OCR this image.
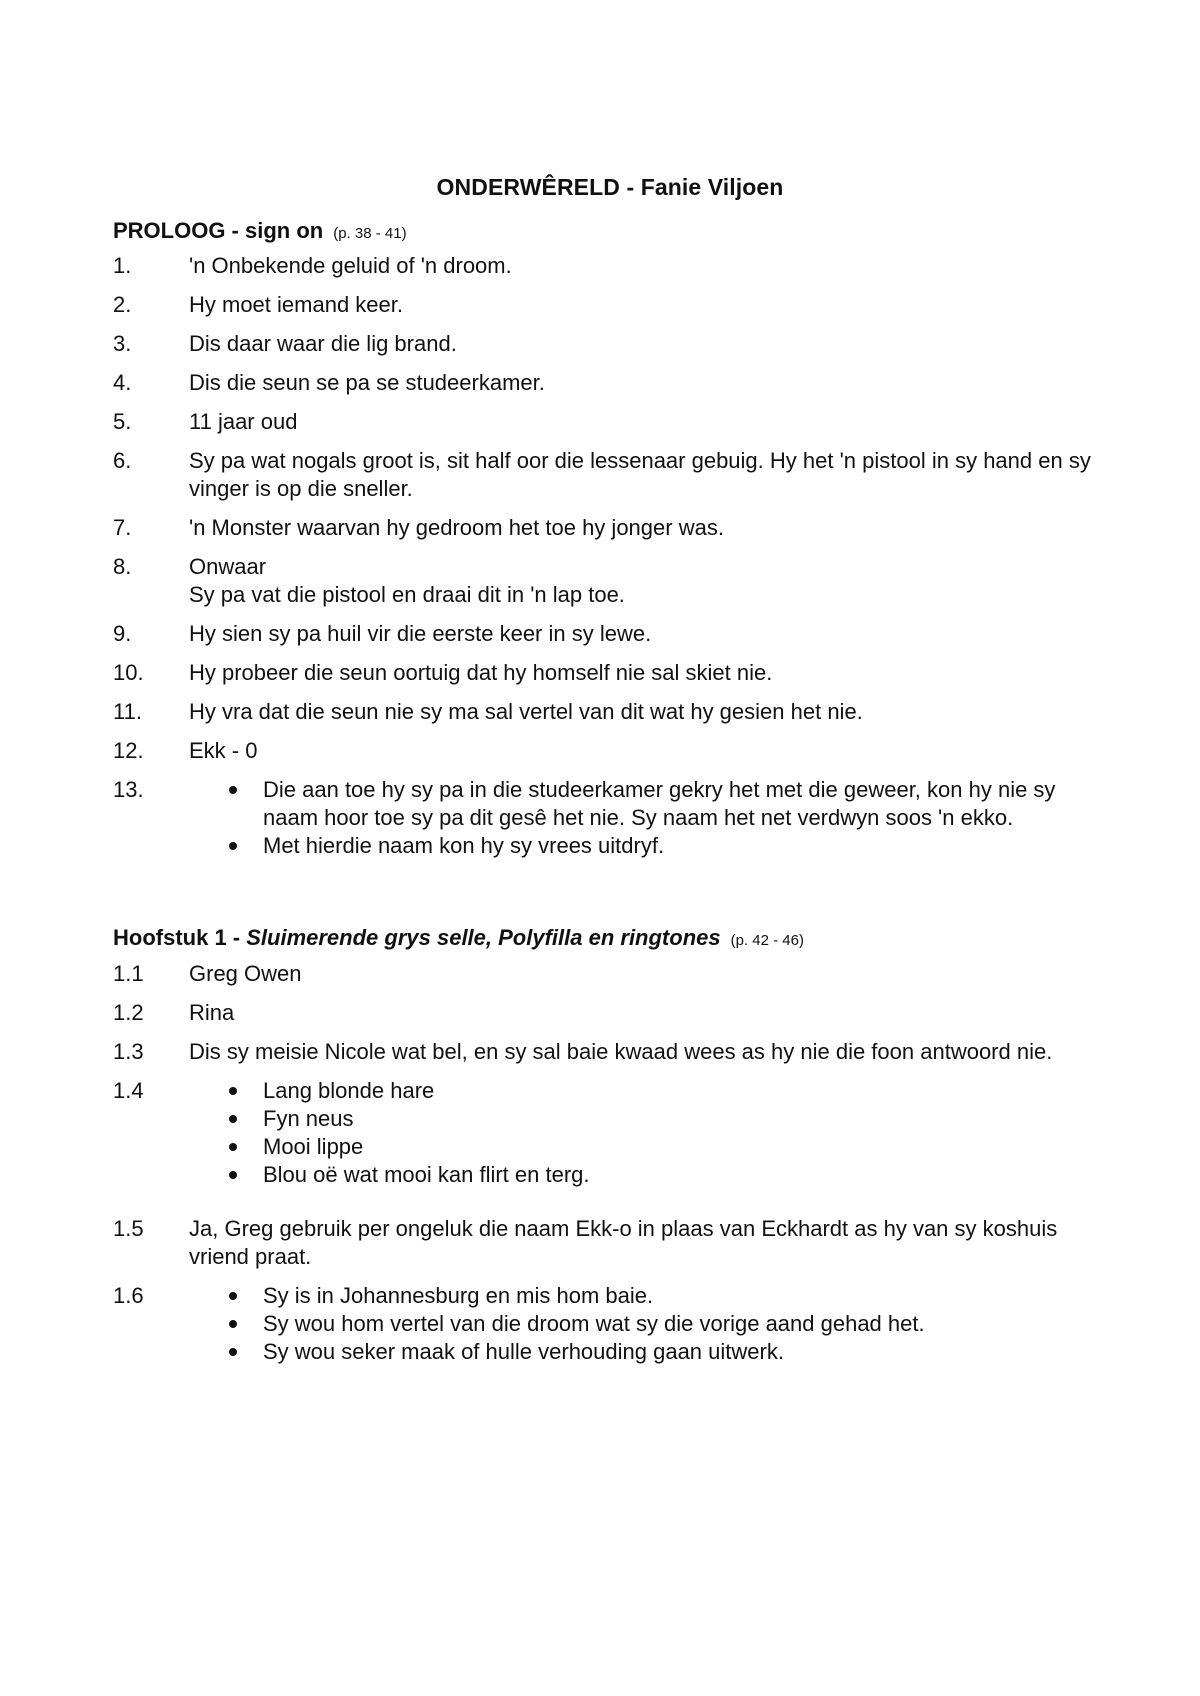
ONDERWÊRELD - Fanie Viljoen
PROLOOG - sign on (p. 38 - 41)
1.	'n Onbekende geluid of 'n droom.
2.	Hy moet iemand keer.
3.	Dis daar waar die lig brand.
4.	Dis die seun se pa se studeerkamer.
5.	11 jaar oud
6.	Sy pa wat nogals groot is, sit half oor die lessenaar gebuig. Hy het 'n pistool in sy hand en sy vinger is op die sneller.
7.	'n Monster waarvan hy gedroom het toe hy jonger was.
8.	Onwaar
Sy pa vat die pistool en draai dit in 'n lap toe.
9.	Hy sien sy pa huil vir die eerste keer in sy lewe.
10.	Hy probeer die seun oortuig dat hy homself nie sal skiet nie.
11.	Hy vra dat die seun nie sy ma sal vertel van dit wat hy gesien het nie.
12.	Ekk - 0
13.	Die aan toe hy sy pa in die studeerkamer gekry het met die geweer, kon hy nie sy naam hoor toe sy pa dit gesê het nie. Sy naam het net verdwyn soos 'n ekko.
Met hierdie naam kon hy sy vrees uitdryf.
Hoofstuk 1 - Sluimerende grys selle, Polyfilla en ringtones (p. 42 - 46)
1.1	Greg Owen
1.2	Rina
1.3	Dis sy meisie Nicole wat bel, en sy sal baie kwaad wees as hy nie die foon antwoord nie.
1.4	Lang blonde hare
Fyn neus
Mooi lippe
Blou oë wat mooi kan flirt en terg.
1.5	Ja, Greg gebruik per ongeluk die naam Ekk-o in plaas van Eckhardt as hy van sy koshuis vriend praat.
1.6	Sy is in Johannesburg en mis hom baie.
Sy wou hom vertel van die droom wat sy die vorige aand gehad het.
Sy wou seker maak of hulle verhouding gaan uitwerk.
